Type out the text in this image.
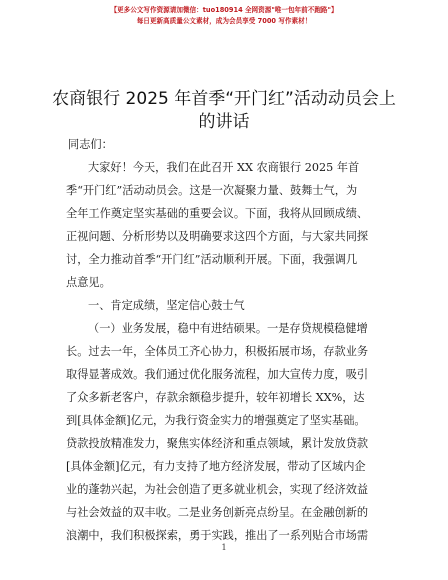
【更多公文写作资源请加微信：tuo180914 全网资源"唯一包年前不跑路"】
每日更新高质量公文素材，成为会员享受 7000 写作素材！
农商银行 2025 年首季“开门红”活动动员会上
的讲话
同志们：
大家好！今天，我们在此召开 XX 农商银行 2025 年首
季“开门红”活动动员会。这是一次凝聚力量、鼓舞士气，为
全年工作奠定坚实基础的重要会议。下面，我将从回顾成绩、
正视问题、分析形势以及明确要求这四个方面，与大家共同探
讨，全力推动首季“开门红”活动顺利开展。下面，我强调几
点意见。
一、肯定成绩，坚定信心鼓士气
（一）业务发展，稳中有进结硕果。一是存贷规模稳健增
长。过去一年，全体员工齐心协力，积极拓展市场，存款业务
取得显著成效。我们通过优化服务流程，加大宣传力度，吸引
了众多新老客户，存款余额稳步提升，较年初增长 XX%，达
到[具体金额]亿元，为我行资金实力的增强奠定了坚实基础。
贷款投放精准发力，聚焦实体经济和重点领域，累计发放贷款
[具体金额]亿元，有力支持了地方经济发展，带动了区域内企
业的蓬勃兴起，为社会创造了更多就业机会，实现了经济效益
与社会效益的双丰收。二是业务创新亮点纷呈。在金融创新的
浪潮中，我们积极探索，勇于实践，推出了一系列贴合市场需
1
